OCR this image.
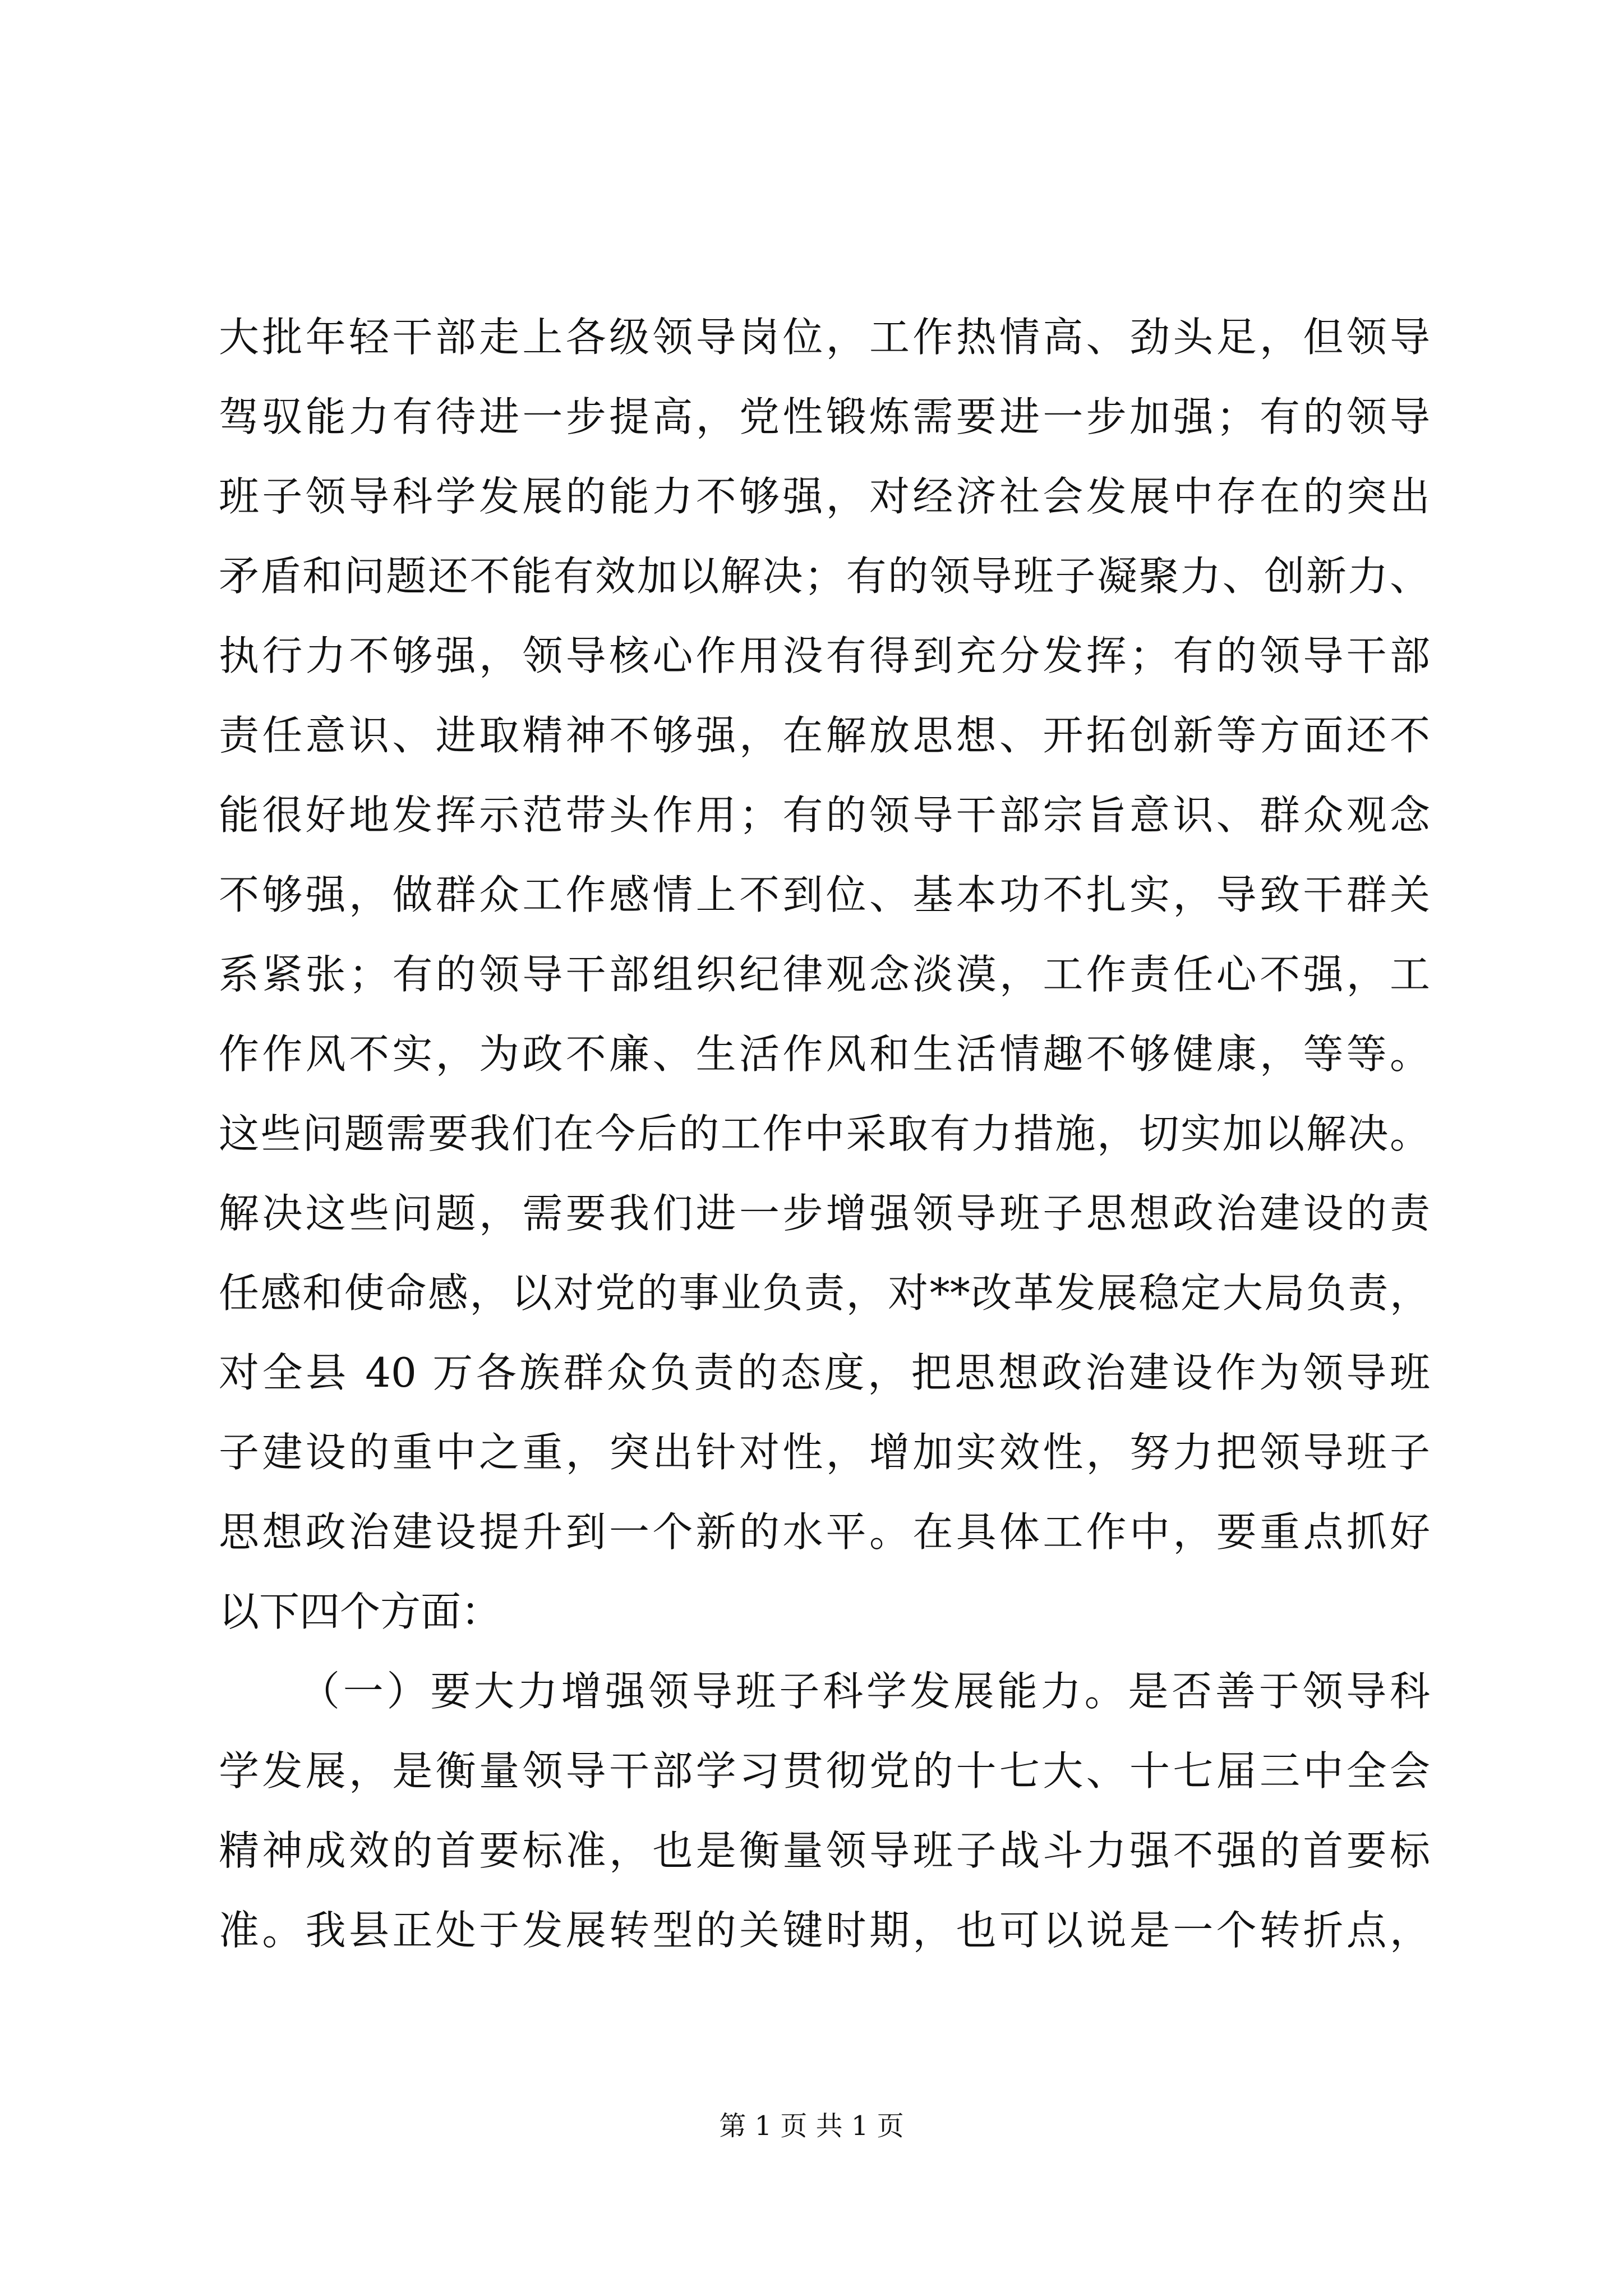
大批年轻干部走上各级领导岗位，工作热情高、劲头足，但领导
驾驭能力有待进一步提高，党性锻炼需要进一步加强；有的领导
班子领导科学发展的能力不够强，对经济社会发展中存在的突出
矛盾和问题还不能有效加以解决；有的领导班子凝聚力、创新力、
执行力不够强，领导核心作用没有得到充分发挥；有的领导干部
责任意识、进取精神不够强，在解放思想、开拓创新等方面还不
能很好地发挥示范带头作用；有的领导干部宗旨意识、群众观念
不够强，做群众工作感情上不到位、基本功不扎实，导致干群关
系紧张；有的领导干部组织纪律观念淡漠，工作责任心不强，工
作作风不实，为政不廉、生活作风和生活情趣不够健康，等等。
这些问题需要我们在今后的工作中采取有力措施，切实加以解决。
解决这些问题，需要我们进一步增强领导班子思想政治建设的责
任感和使命感，以对党的事业负责，对**改革发展稳定大局负责，
对全县 40 万各族群众负责的态度，把思想政治建设作为领导班
子建设的重中之重，突出针对性，增加实效性，努力把领导班子
思想政治建设提升到一个新的水平。在具体工作中，要重点抓好
以下四个方面：
（一）要大力增强领导班子科学发展能力。是否善于领导科
学发展，是衡量领导干部学习贯彻党的十七大、十七届三中全会
精神成效的首要标准，也是衡量领导班子战斗力强不强的首要标
准。我县正处于发展转型的关键时期，也可以说是一个转折点，
第 1 页 共 1 页
